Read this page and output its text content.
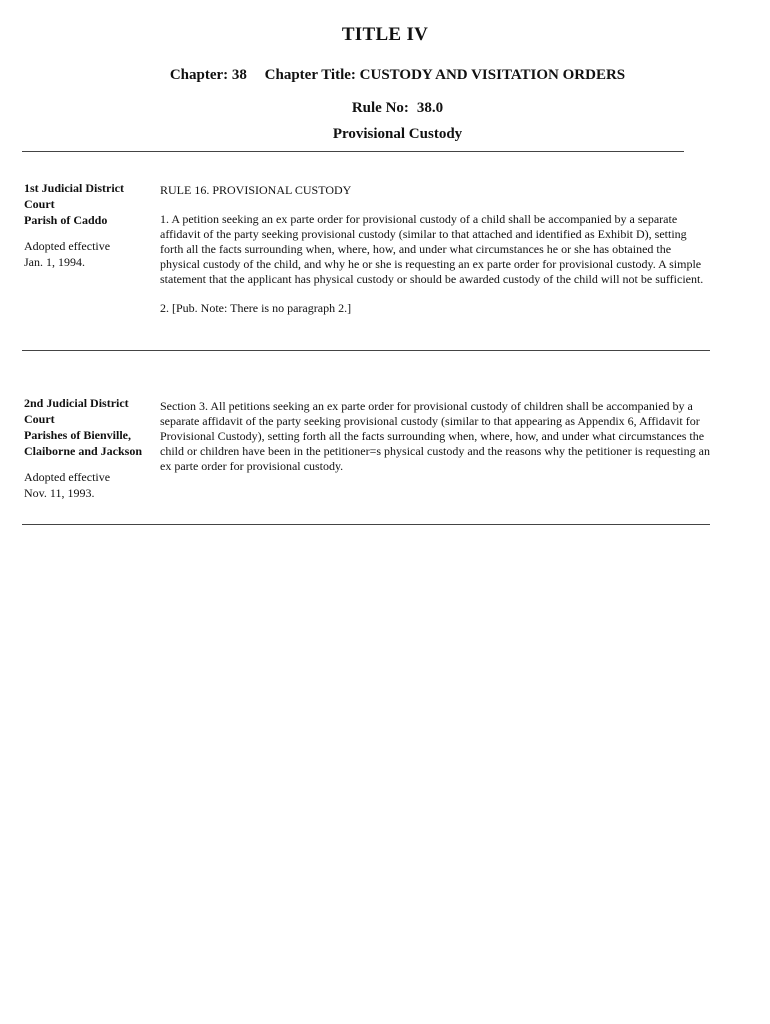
TITLE IV
Chapter: 38 Chapter Title: CUSTODY AND VISITATION ORDERS
Rule No: 38.0
Provisional Custody
1st Judicial District Court
Parish of Caddo
Adopted effective
Jan. 1, 1994.

RULE 16. PROVISIONAL CUSTODY

1. A petition seeking an ex parte order for provisional custody of a child shall be accompanied by a separate affidavit of the party seeking provisional custody (similar to that attached and identified as Exhibit D), setting forth all the facts surrounding when, where, how, and under what circumstances he or she has obtained the physical custody of the child, and why he or she is requesting an ex parte order for provisional custody. A simple statement that the applicant has physical custody or should be awarded custody of the child will not be sufficient.

2. [Pub. Note: There is no paragraph 2.]

2nd Judicial District Court
Parishes of Bienville, Claiborne and Jackson
Adopted effective
Nov. 11, 1993.

Section 3. All petitions seeking an ex parte order for provisional custody of children shall be accompanied by a separate affidavit of the party seeking provisional custody (similar to that appearing as Appendix 6, Affidavit for Provisional Custody), setting forth all the facts surrounding when, where, how, and under what circumstances the child or children have been in the petitioner=s physical custody and the reasons why the petitioner is requesting an ex parte order for provisional custody.
